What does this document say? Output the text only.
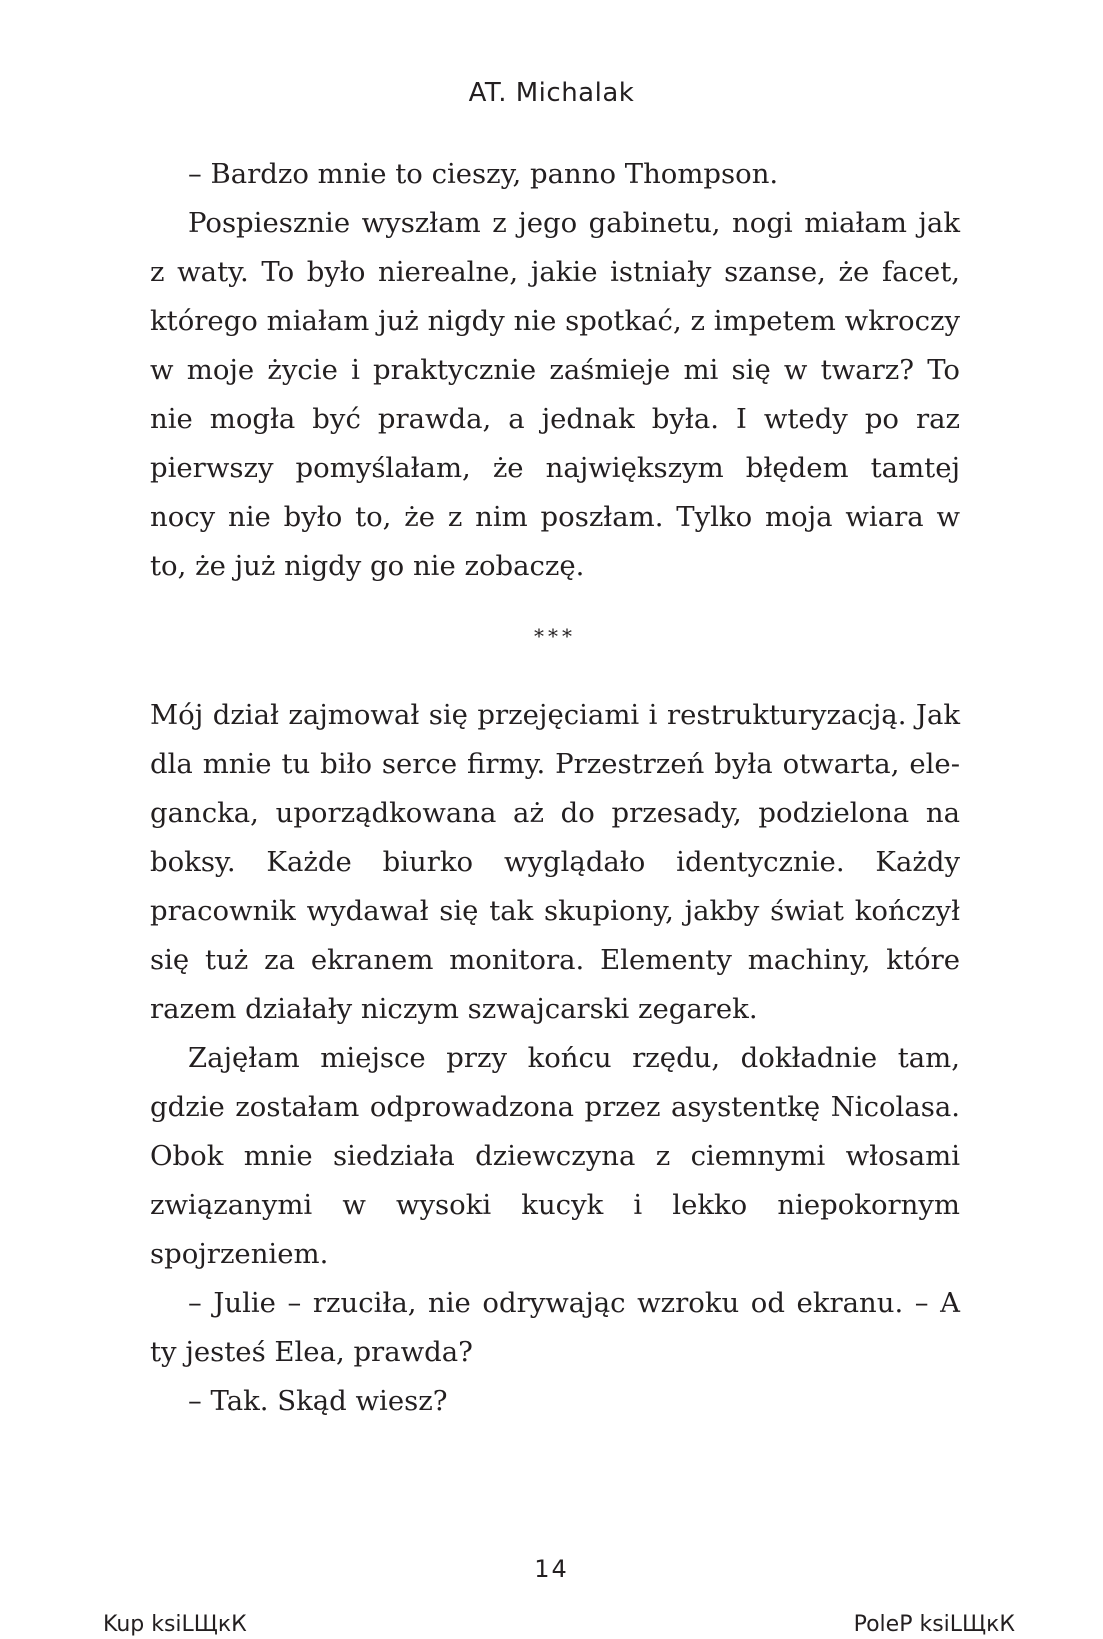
AT. Michalak

– Bardzo mnie to cieszy, panno Thompson.

Pospiesznie wyszłam z jego gabinetu, nogi miałam jak z waty. To było nierealne, jakie istniały szanse, że facet, którego miałam już nigdy nie spotkać, z impetem wkroczy w moje życie i praktycznie zaśmieje mi się w twarz? To nie mogła być prawda, a jednak była. I wtedy po raz pierwszy pomyślałam, że największym błędem tamtej nocy nie było to, że z nim poszłam. Tylko moja wiara w to, że już nigdy go nie zobaczę.

***

Mój dział zajmował się przejęciami i restrukturyzacją. Jak dla mnie tu biło serce firmy. Przestrzeń była otwarta, elegancka, uporządkowana aż do przesady, podzielona na boksy. Każde biurko wyglądało identycznie. Każdy pracownik wydawał się tak skupiony, jakby świat kończył się tuż za ekranem monitora. Elementy machiny, które razem działały niczym szwajcarski zegarek.

Zajęłam miejsce przy końcu rzędu, dokładnie tam, gdzie zostałam odprowadzona przez asystentkę Nicolasa. Obok mnie siedziała dziewczyna z ciemnymi włosami związanymi w wysoki kucyk i lekko niepokornym spojrzeniem.

– Julie – rzuciła, nie odrywając wzroku od ekranu. – A ty jesteś Elea, prawda?

– Tak. Skąd wiesz?

14
Kup ksiLЩкК	PoleР ksiLЩкК
